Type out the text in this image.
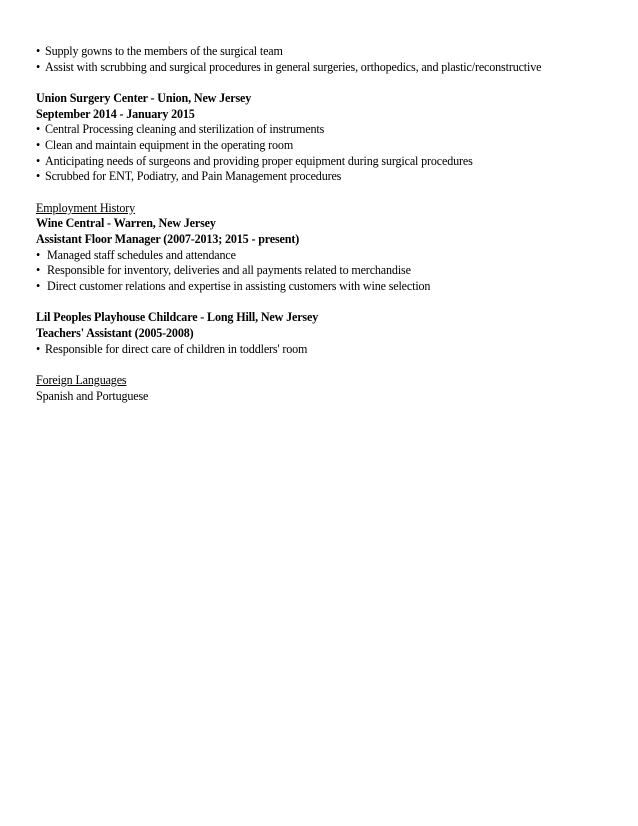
• Supply gowns to the members of the surgical team
• Assist with scrubbing and surgical procedures in general surgeries, orthopedics, and plastic/reconstructive
Union Surgery Center - Union, New Jersey
September 2014 - January 2015
• Central Processing cleaning and sterilization of instruments
• Clean and maintain equipment in the operating room
• Anticipating needs of surgeons and providing proper equipment during surgical procedures
• Scrubbed for ENT, Podiatry, and Pain Management procedures
Employment History
Wine Central - Warren, New Jersey
Assistant Floor Manager (2007-2013; 2015 - present)
• Managed staff schedules and attendance
• Responsible for inventory, deliveries and all payments related to merchandise
• Direct customer relations and expertise in assisting customers with wine selection
Lil Peoples Playhouse Childcare - Long Hill, New Jersey
Teachers' Assistant (2005-2008)
• Responsible for direct care of children in toddlers' room
Foreign Languages
Spanish and Portuguese
